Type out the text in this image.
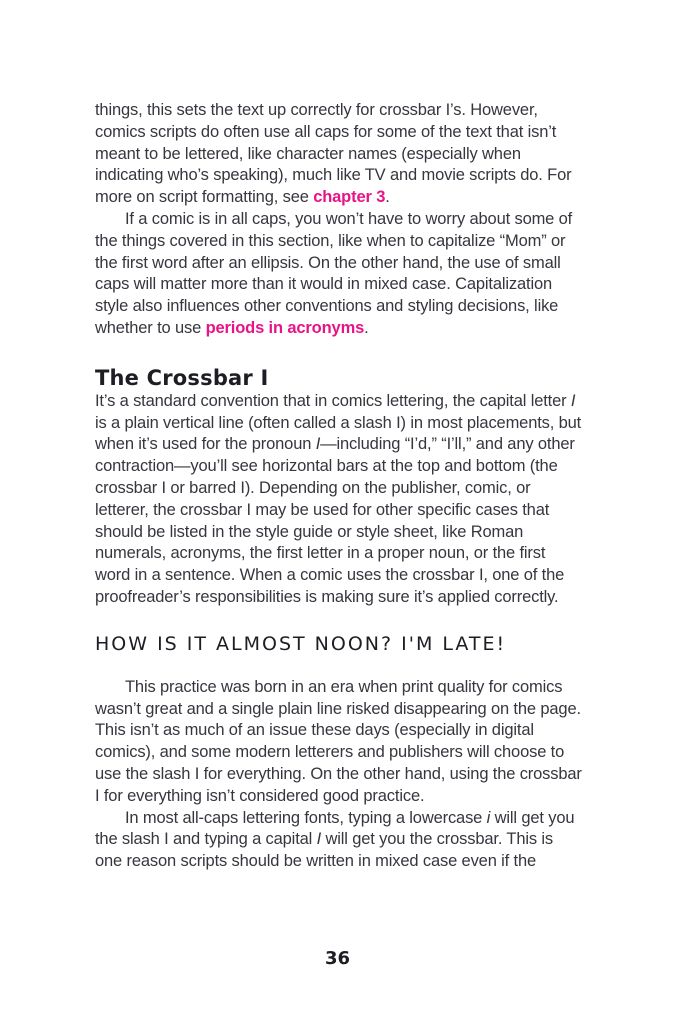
things, this sets the text up correctly for crossbar I’s. However, comics scripts do often use all caps for some of the text that isn’t meant to be lettered, like character names (especially when indicating who’s speaking), much like TV and movie scripts do. For more on script formatting, see chapter 3.

If a comic is in all caps, you won’t have to worry about some of the things covered in this section, like when to capitalize “Mom” or the first word after an ellipsis. On the other hand, the use of small caps will matter more than it would in mixed case. Capitalization style also influences other conventions and styling decisions, like whether to use periods in acronyms.

The Crossbar I

It’s a standard convention that in comics lettering, the capital letter I is a plain vertical line (often called a slash I) in most placements, but when it’s used for the pronoun I—including “I’d,” “I’ll,” and any other contraction—you’ll see horizontal bars at the top and bottom (the crossbar I or barred I). Depending on the publisher, comic, or letterer, the crossbar I may be used for other specific cases that should be listed in the style guide or style sheet, like Roman numerals, acronyms, the first letter in a proper noun, or the first word in a sentence. When a comic uses the crossbar I, one of the proofreader’s responsibilities is making sure it’s applied correctly.

HOW IS IT ALMOST NOON? I'M LATE!

This practice was born in an era when print quality for comics wasn’t great and a single plain line risked disappearing on the page. This isn’t as much of an issue these days (especially in digital comics), and some modern letterers and publishers will choose to use the slash I for everything. On the other hand, using the crossbar I for everything isn’t considered good practice.

In most all-caps lettering fonts, typing a lowercase i will get you the slash I and typing a capital I will get you the crossbar. This is one reason scripts should be written in mixed case even if the

36
